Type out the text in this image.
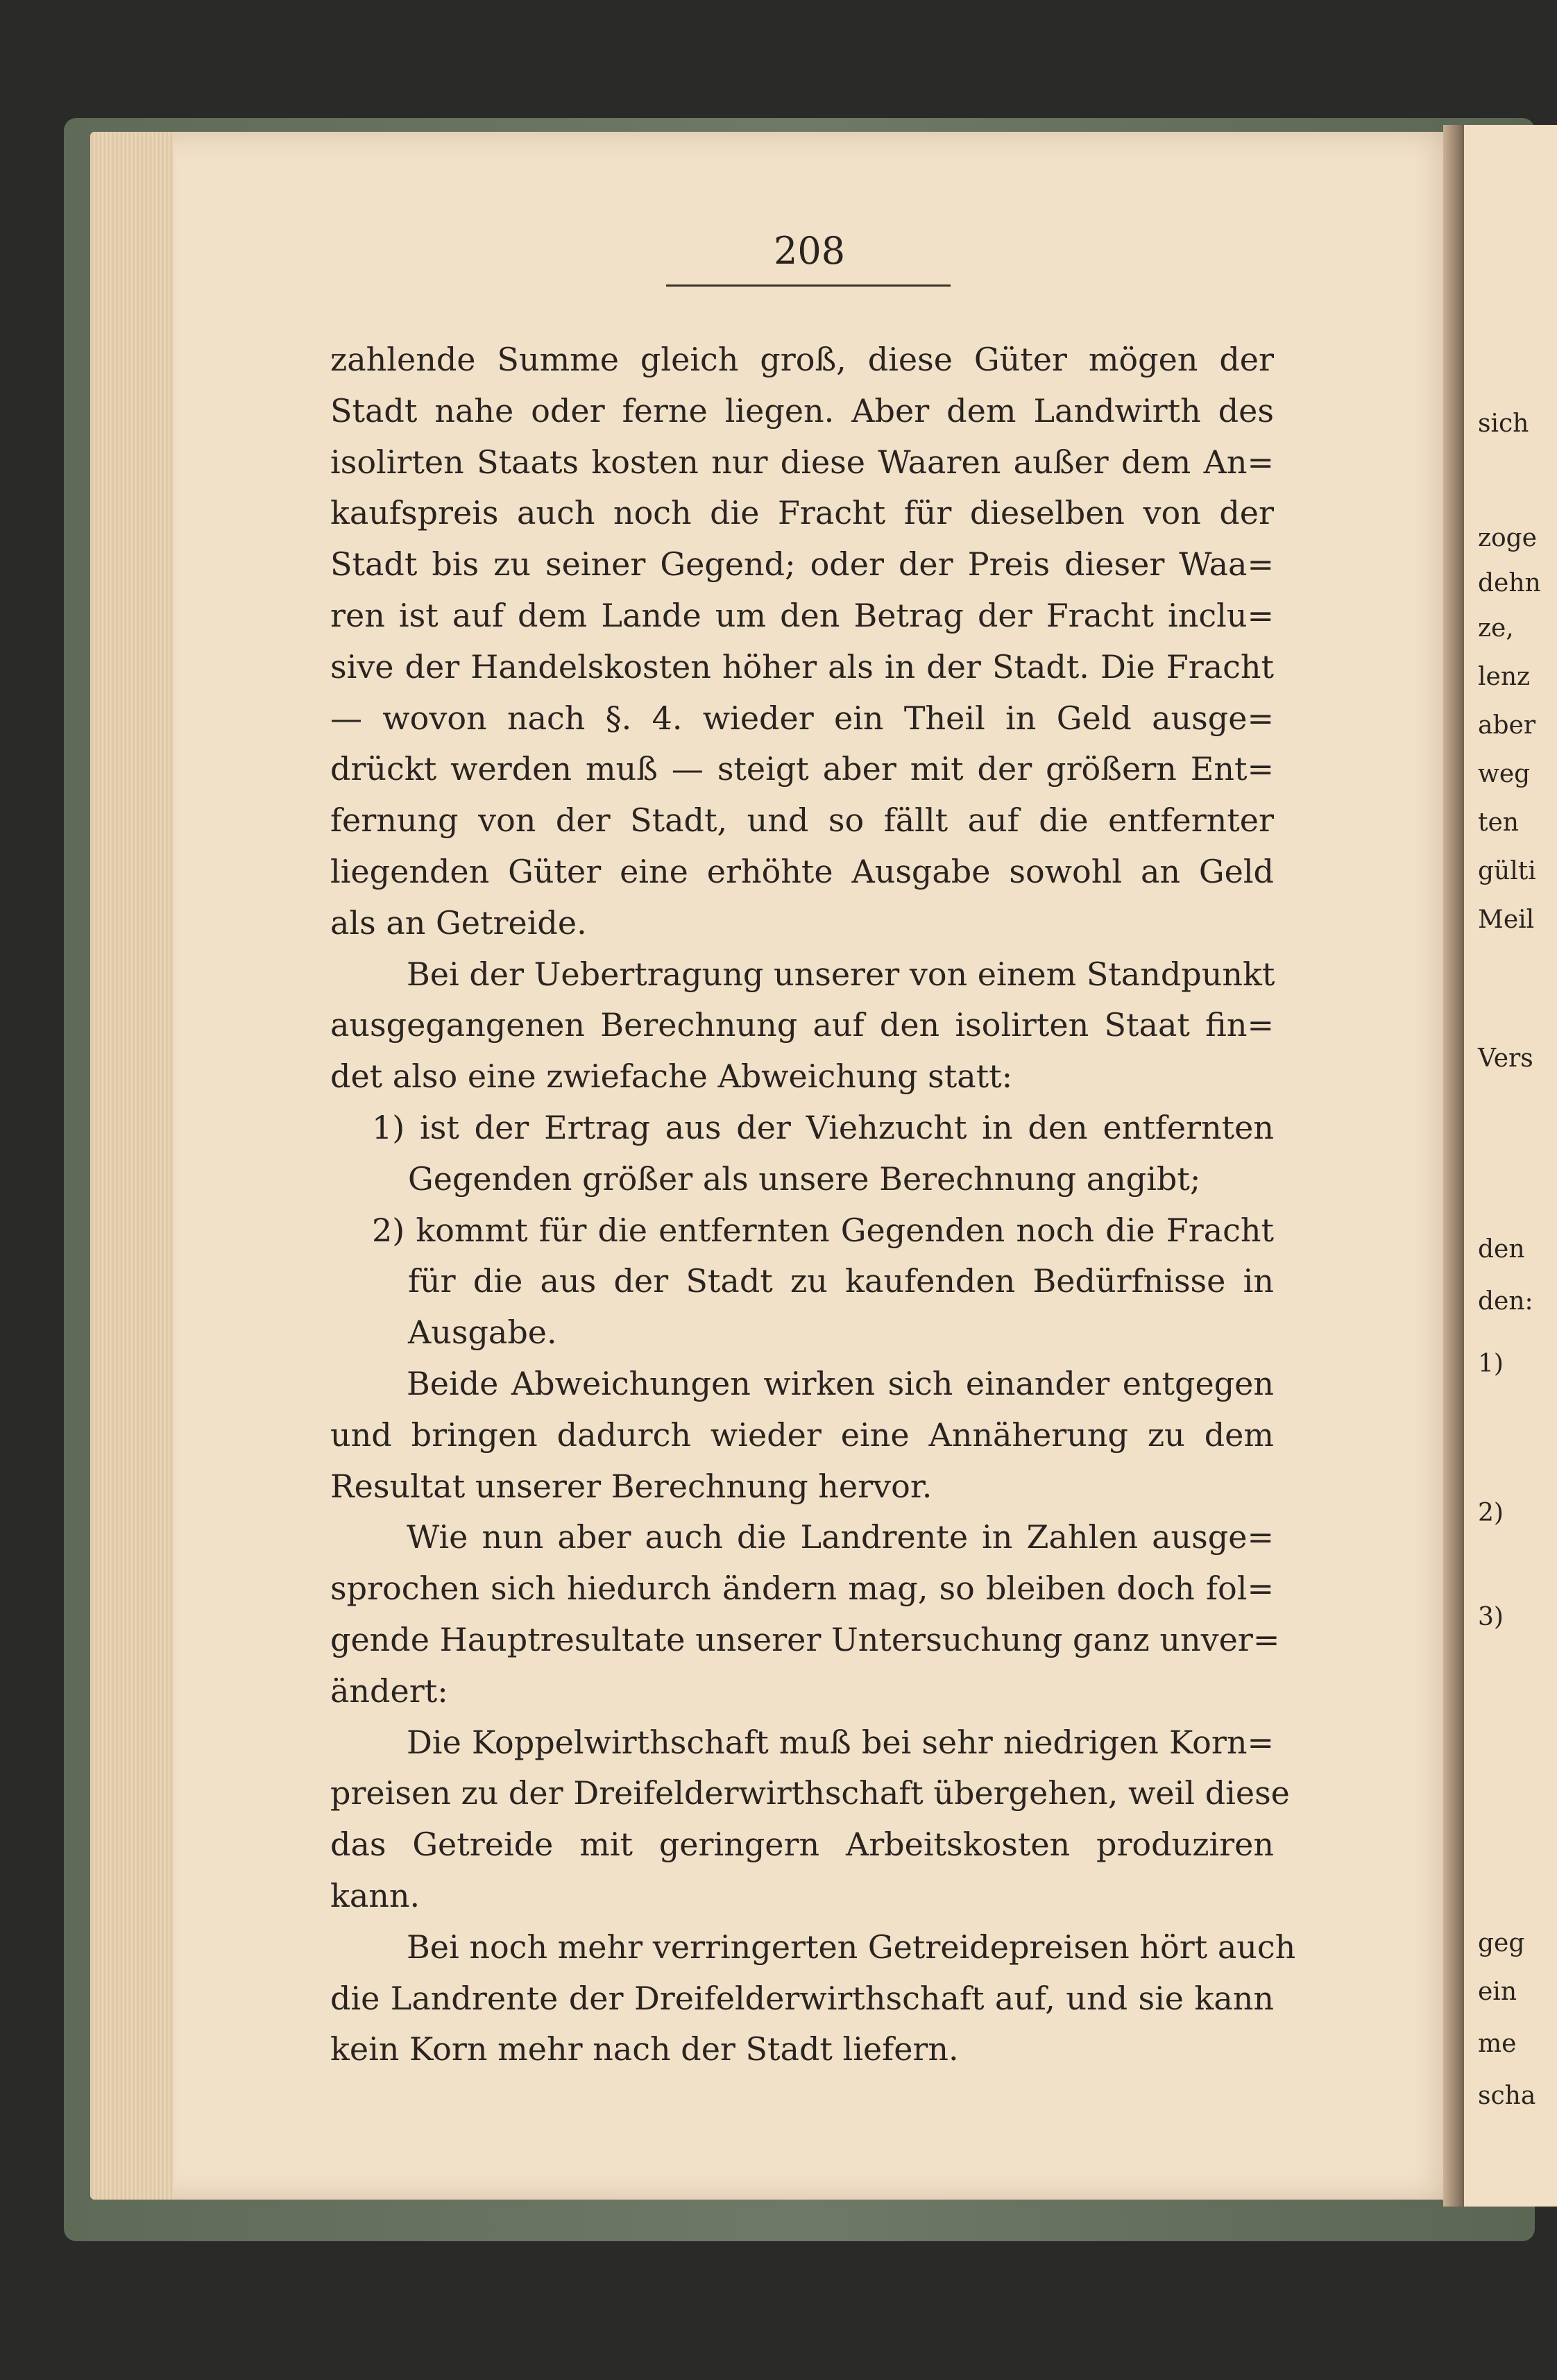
sich
zoge
dehn
ze,
lenz
aber
weg
ten
gülti
Meil
Vers
den
den:
1)
2)
3)
geg
ein
me
scha
208
zahlende Summe gleich groß, diese Güter mögen der
Stadt nahe oder ferne liegen. Aber dem Landwirth des
isolirten Staats kosten nur diese Waaren außer dem An=
kaufspreis auch noch die Fracht für dieselben von der
Stadt bis zu seiner Gegend; oder der Preis dieser Waa=
ren ist auf dem Lande um den Betrag der Fracht inclu=
sive der Handelskosten höher als in der Stadt. Die Fracht
— wovon nach §. 4. wieder ein Theil in Geld ausge=
drückt werden muß — steigt aber mit der größern Ent=
fernung von der Stadt, und so fällt auf die entfernter
liegenden Güter eine erhöhte Ausgabe sowohl an Geld
als an Getreide.
Bei der Uebertragung unserer von einem Standpunkt
ausgegangenen Berechnung auf den isolirten Staat fin=
det also eine zwiefache Abweichung statt:
1) ist der Ertrag aus der Viehzucht in den entfernten
Gegenden größer als unsere Berechnung angibt;
2) kommt für die entfernten Gegenden noch die Fracht
für die aus der Stadt zu kaufenden Bedürfnisse in
Ausgabe.
Beide Abweichungen wirken sich einander entgegen
und bringen dadurch wieder eine Annäherung zu dem
Resultat unserer Berechnung hervor.
Wie nun aber auch die Landrente in Zahlen ausge=
sprochen sich hiedurch ändern mag, so bleiben doch fol=
gende Hauptresultate unserer Untersuchung ganz unver=
ändert:
Die Koppelwirthschaft muß bei sehr niedrigen Korn=
preisen zu der Dreifelderwirthschaft übergehen, weil diese
das Getreide mit geringern Arbeitskosten produziren
kann.
Bei noch mehr verringerten Getreidepreisen hört auch
die Landrente der Dreifelderwirthschaft auf, und sie kann
kein Korn mehr nach der Stadt liefern.
